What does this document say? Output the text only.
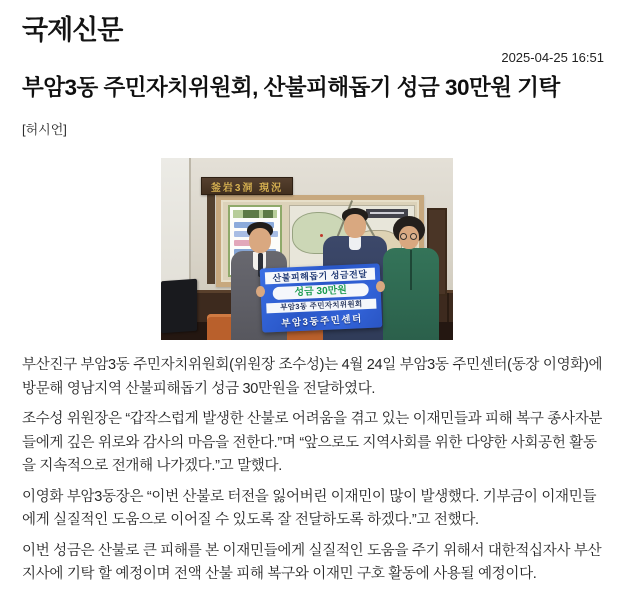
국제신문
2025-04-25 16:51
부암3동 주민자치위원회, 산불피해돕기 성금 30만원 기탁
[허시언]
釜岩3洞 現況
산불피해돕기 성금전달
성금 30만원
부암3동 주민자치위원회
부암3동주민센터

부산진구 부암3동 주민자치위원회(위원장 조수성)는 4월 24일 부암3동 주민센터(동장 이영화)에 방문해 영남지역 산불피해돕기 성금 30만원을 전달하였다.

조수성 위원장은 “갑작스럽게 발생한 산불로 어려움을 겪고 있는 이재민들과 피해 복구 종사자분들에게 깊은 위로와 감사의 마음을 전한다.”며 “앞으로도 지역사회를 위한 다양한 사회공헌 활동을 지속적으로 전개해 나가겠다.”고 말했다.

이영화 부암3동장은 “이번 산불로 터전을 잃어버린 이재민이 많이 발생했다. 기부금이 이재민들에게 실질적인 도움으로 이어질 수 있도록 잘 전달하도록 하겠다.”고 전했다.

이번 성금은 산불로 큰 피해를 본 이재민들에게 실질적인 도움을 주기 위해서 대한적십자사 부산지사에 기탁 할 예정이며 전액 산불 피해 복구와 이재민 구호 활동에 사용될 예정이다.
